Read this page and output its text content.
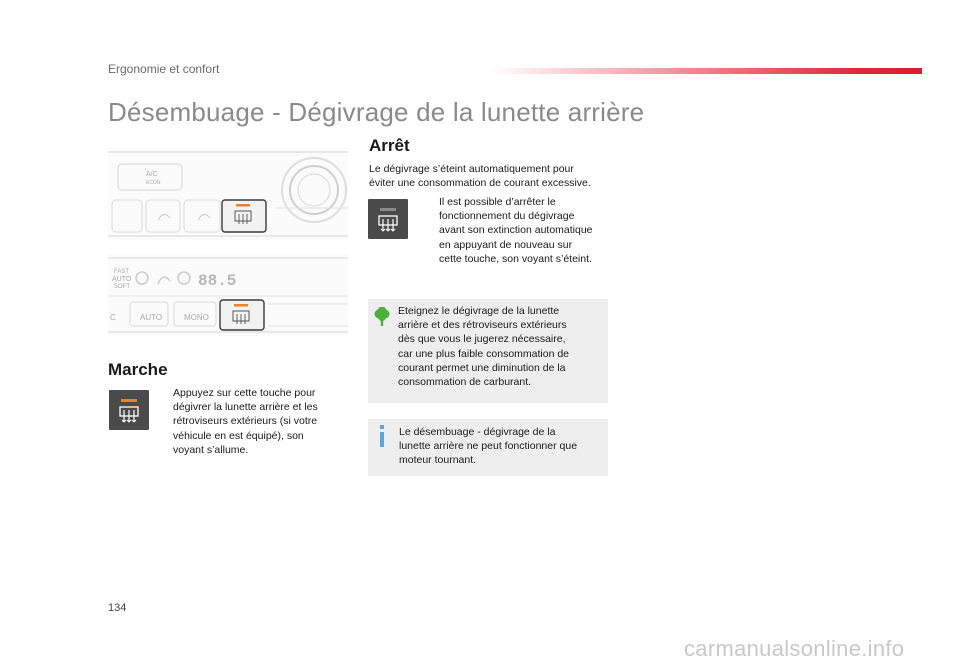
Ergonomie et confort
Désembuage - Dégivrage de la lunette arrière
A/C
ECON
FAST
AUTO
SOFT	88.5
C	AUTO	MONO
Marche
Appuyez sur cette touche pour
dégivrer la lunette arrière et les
rétroviseurs extérieurs (si votre
véhicule en est équipé), son
voyant s’allume.
Arrêt
Le dégivrage s’éteint automatiquement pour
éviter une consommation de courant excessive.
Il est possible d’arrêter le
fonctionnement du dégivrage
avant son extinction automatique
en appuyant de nouveau sur
cette touche, son voyant s’éteint.
Eteignez le dégivrage de la lunette
arrière et des rétroviseurs extérieurs
dès que vous le jugerez nécessaire,
car une plus faible consommation de
courant permet une diminution de la
consommation de carburant.
Le désembuage - dégivrage de la
lunette arrière ne peut fonctionner que
moteur tournant.
134
carmanualsonline.info
